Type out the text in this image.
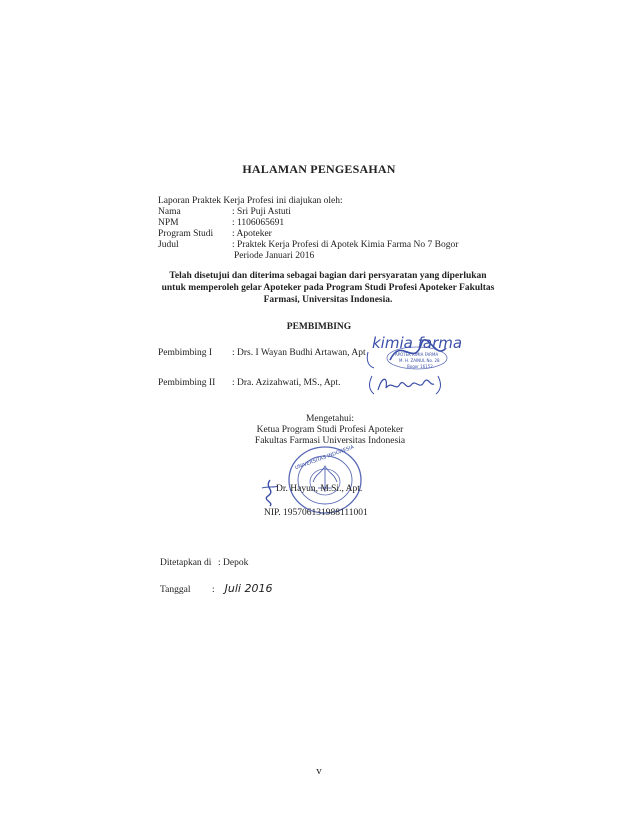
HALAMAN PENGESAHAN
Laporan Praktek Kerja Profesi ini diajukan oleh:
Nama	: Sri Puji Astuti
NPM	: 1106065691
Program Studi : Apoteker
Judul	: Praktek Kerja Profesi di Apotek Kimia Farma No 7 Bogor
Periode Januari 2016
Telah disetujui dan diterima sebagai bagian dari persyaratan yang diperlukan untuk memperoleh gelar Apoteker pada Program Studi Profesi Apoteker Fakultas Farmasi, Universitas Indonesia.
PEMBIMBING
Pembimbing I : Drs. I Wayan Budhi Artawan, Apt
Pembimbing II : Dra. Azizahwati, MS., Apt.
kimia farma
APOTEK KIMIA FARMA
M. H. ZAINUL No. 28
Bogor 16152
Mengetahui:
Ketua Program Studi Profesi Apoteker
Fakultas Farmasi Universitas Indonesia
UNIVERSITAS INDONESIA
Dr. Hayun, M.Si., Apt.
NIP. 195706131988111001
Ditetapkan di : Depok
Tanggal : Juli 2016
v
